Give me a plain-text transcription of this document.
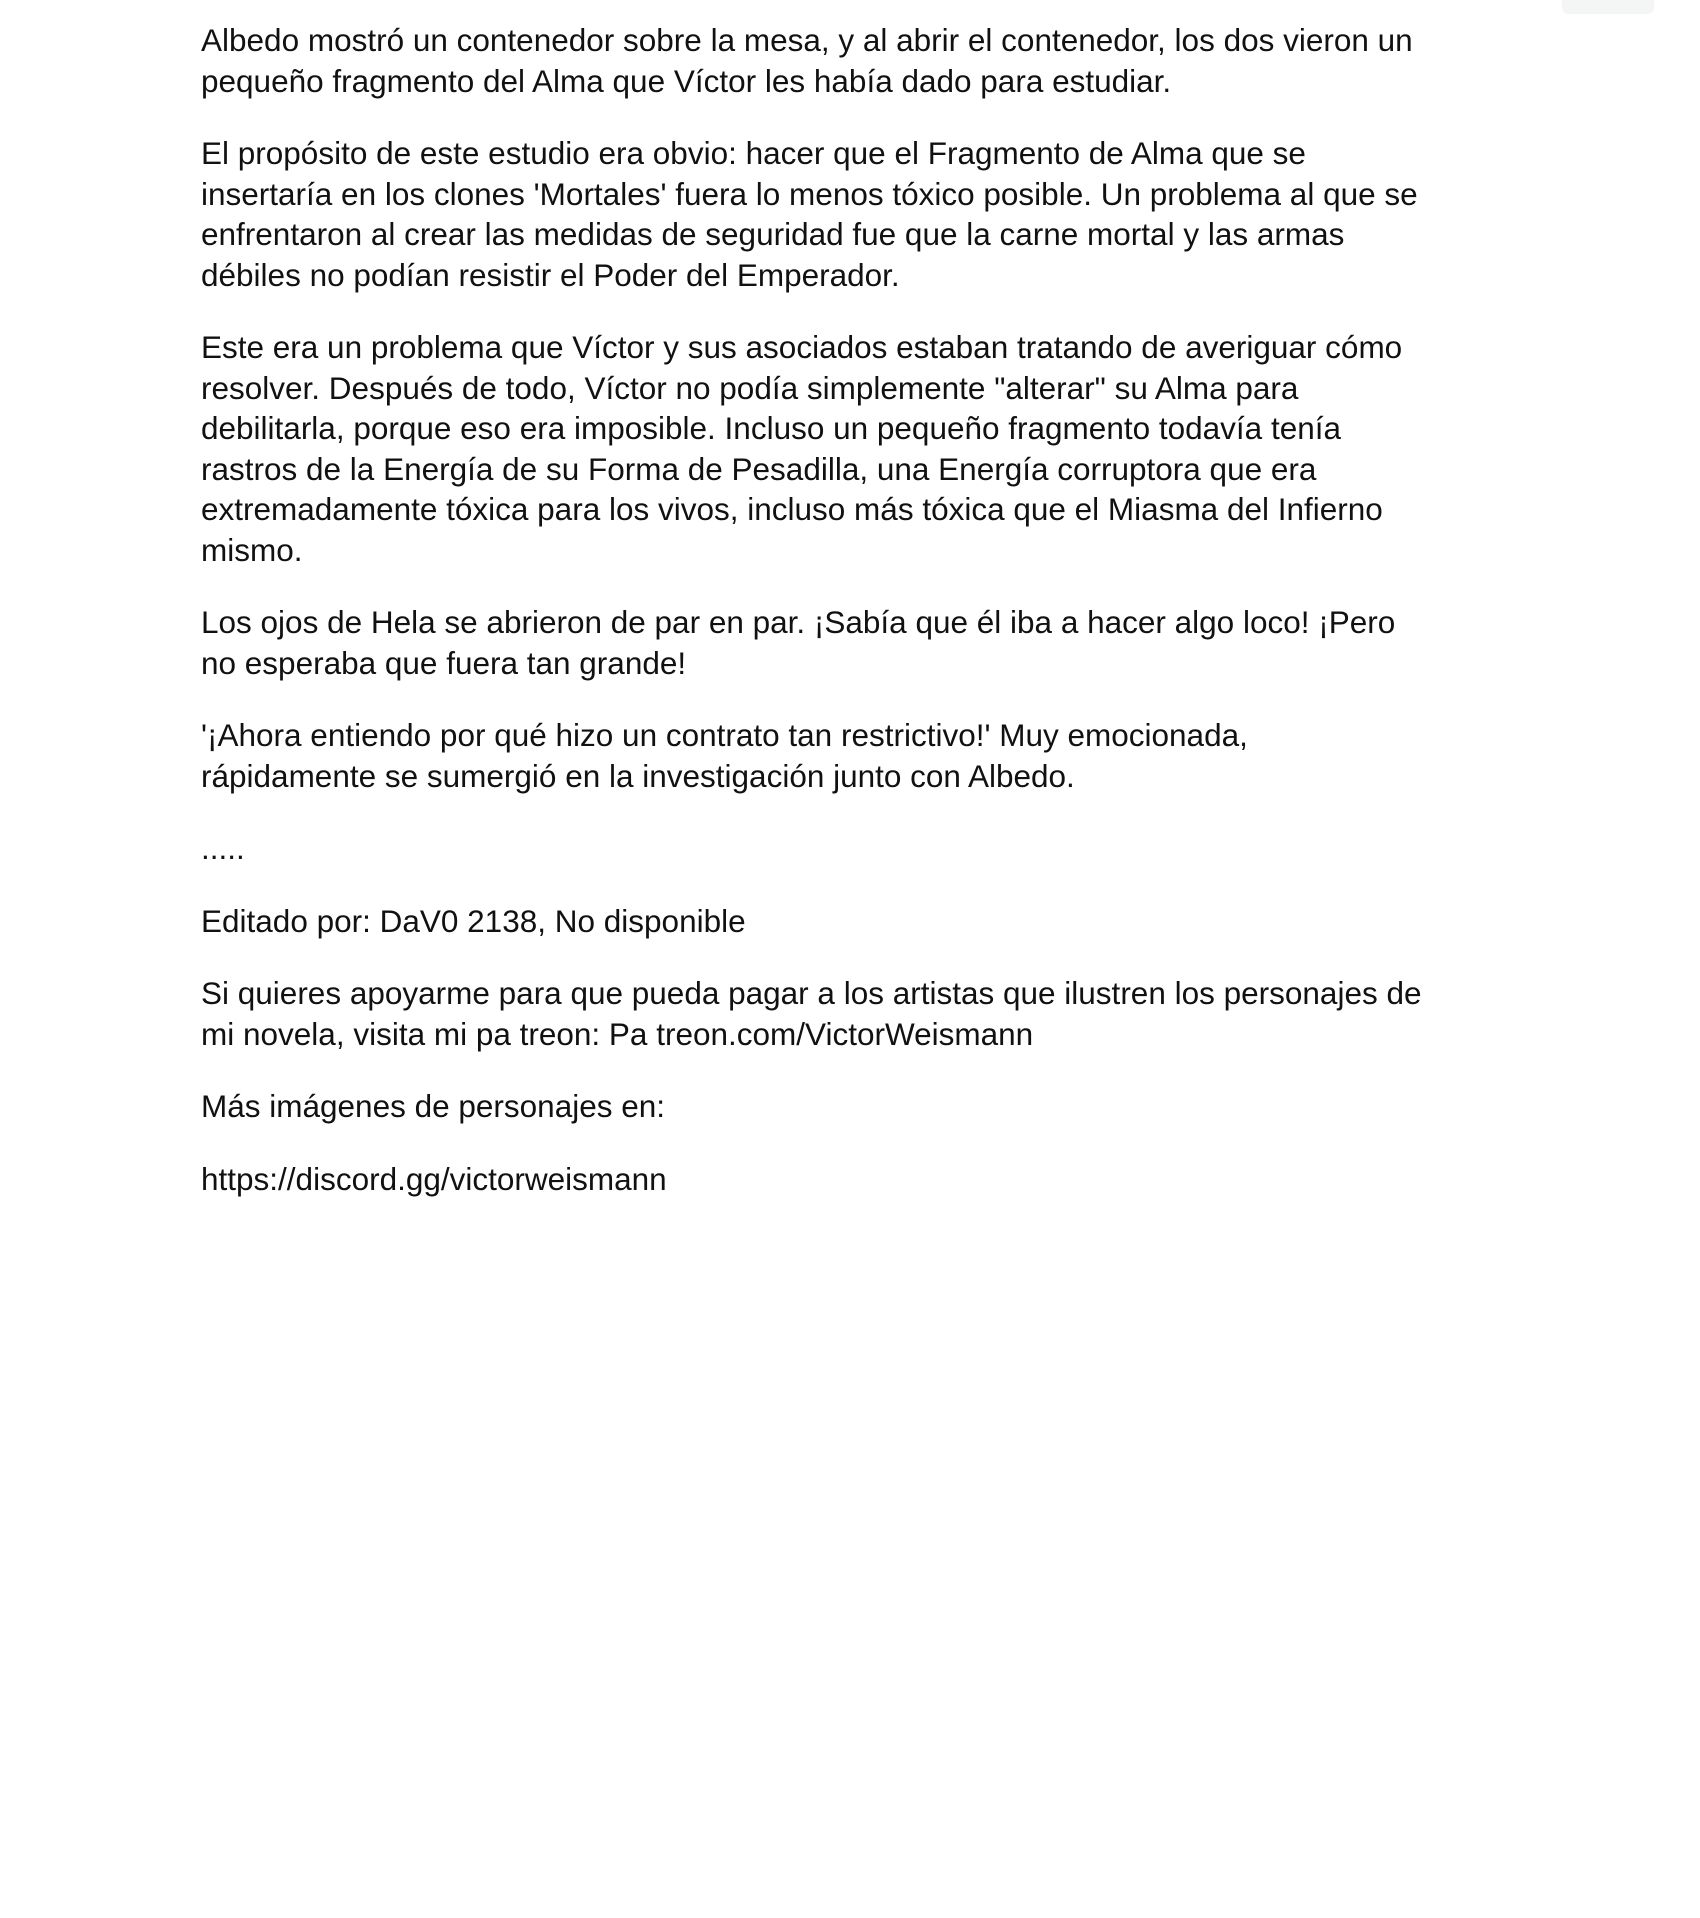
Albedo mostró un contenedor sobre la mesa, y al abrir el contenedor, los dos vieron un
pequeño fragmento del Alma que Víctor les había dado para estudiar.

El propósito de este estudio era obvio: hacer que el Fragmento de Alma que se
insertaría en los clones 'Mortales' fuera lo menos tóxico posible. Un problema al que se
enfrentaron al crear las medidas de seguridad fue que la carne mortal y las armas
débiles no podían resistir el Poder del Emperador.

Este era un problema que Víctor y sus asociados estaban tratando de averiguar cómo
resolver. Después de todo, Víctor no podía simplemente "alterar" su Alma para
debilitarla, porque eso era imposible. Incluso un pequeño fragmento todavía tenía
rastros de la Energía de su Forma de Pesadilla, una Energía corruptora que era
extremadamente tóxica para los vivos, incluso más tóxica que el Miasma del Infierno
mismo.

Los ojos de Hela se abrieron de par en par. ¡Sabía que él iba a hacer algo loco! ¡Pero
no esperaba que fuera tan grande!

'¡Ahora entiendo por qué hizo un contrato tan restrictivo!' Muy emocionada,
rápidamente se sumergió en la investigación junto con Albedo.

.....

Editado por: DaV0 2138, No disponible

Si quieres apoyarme para que pueda pagar a los artistas que ilustren los personajes de
mi novela, visita mi pa treon: Pa treon.com/VictorWeismann

Más imágenes de personajes en:

https://discord.gg/victorweismann
